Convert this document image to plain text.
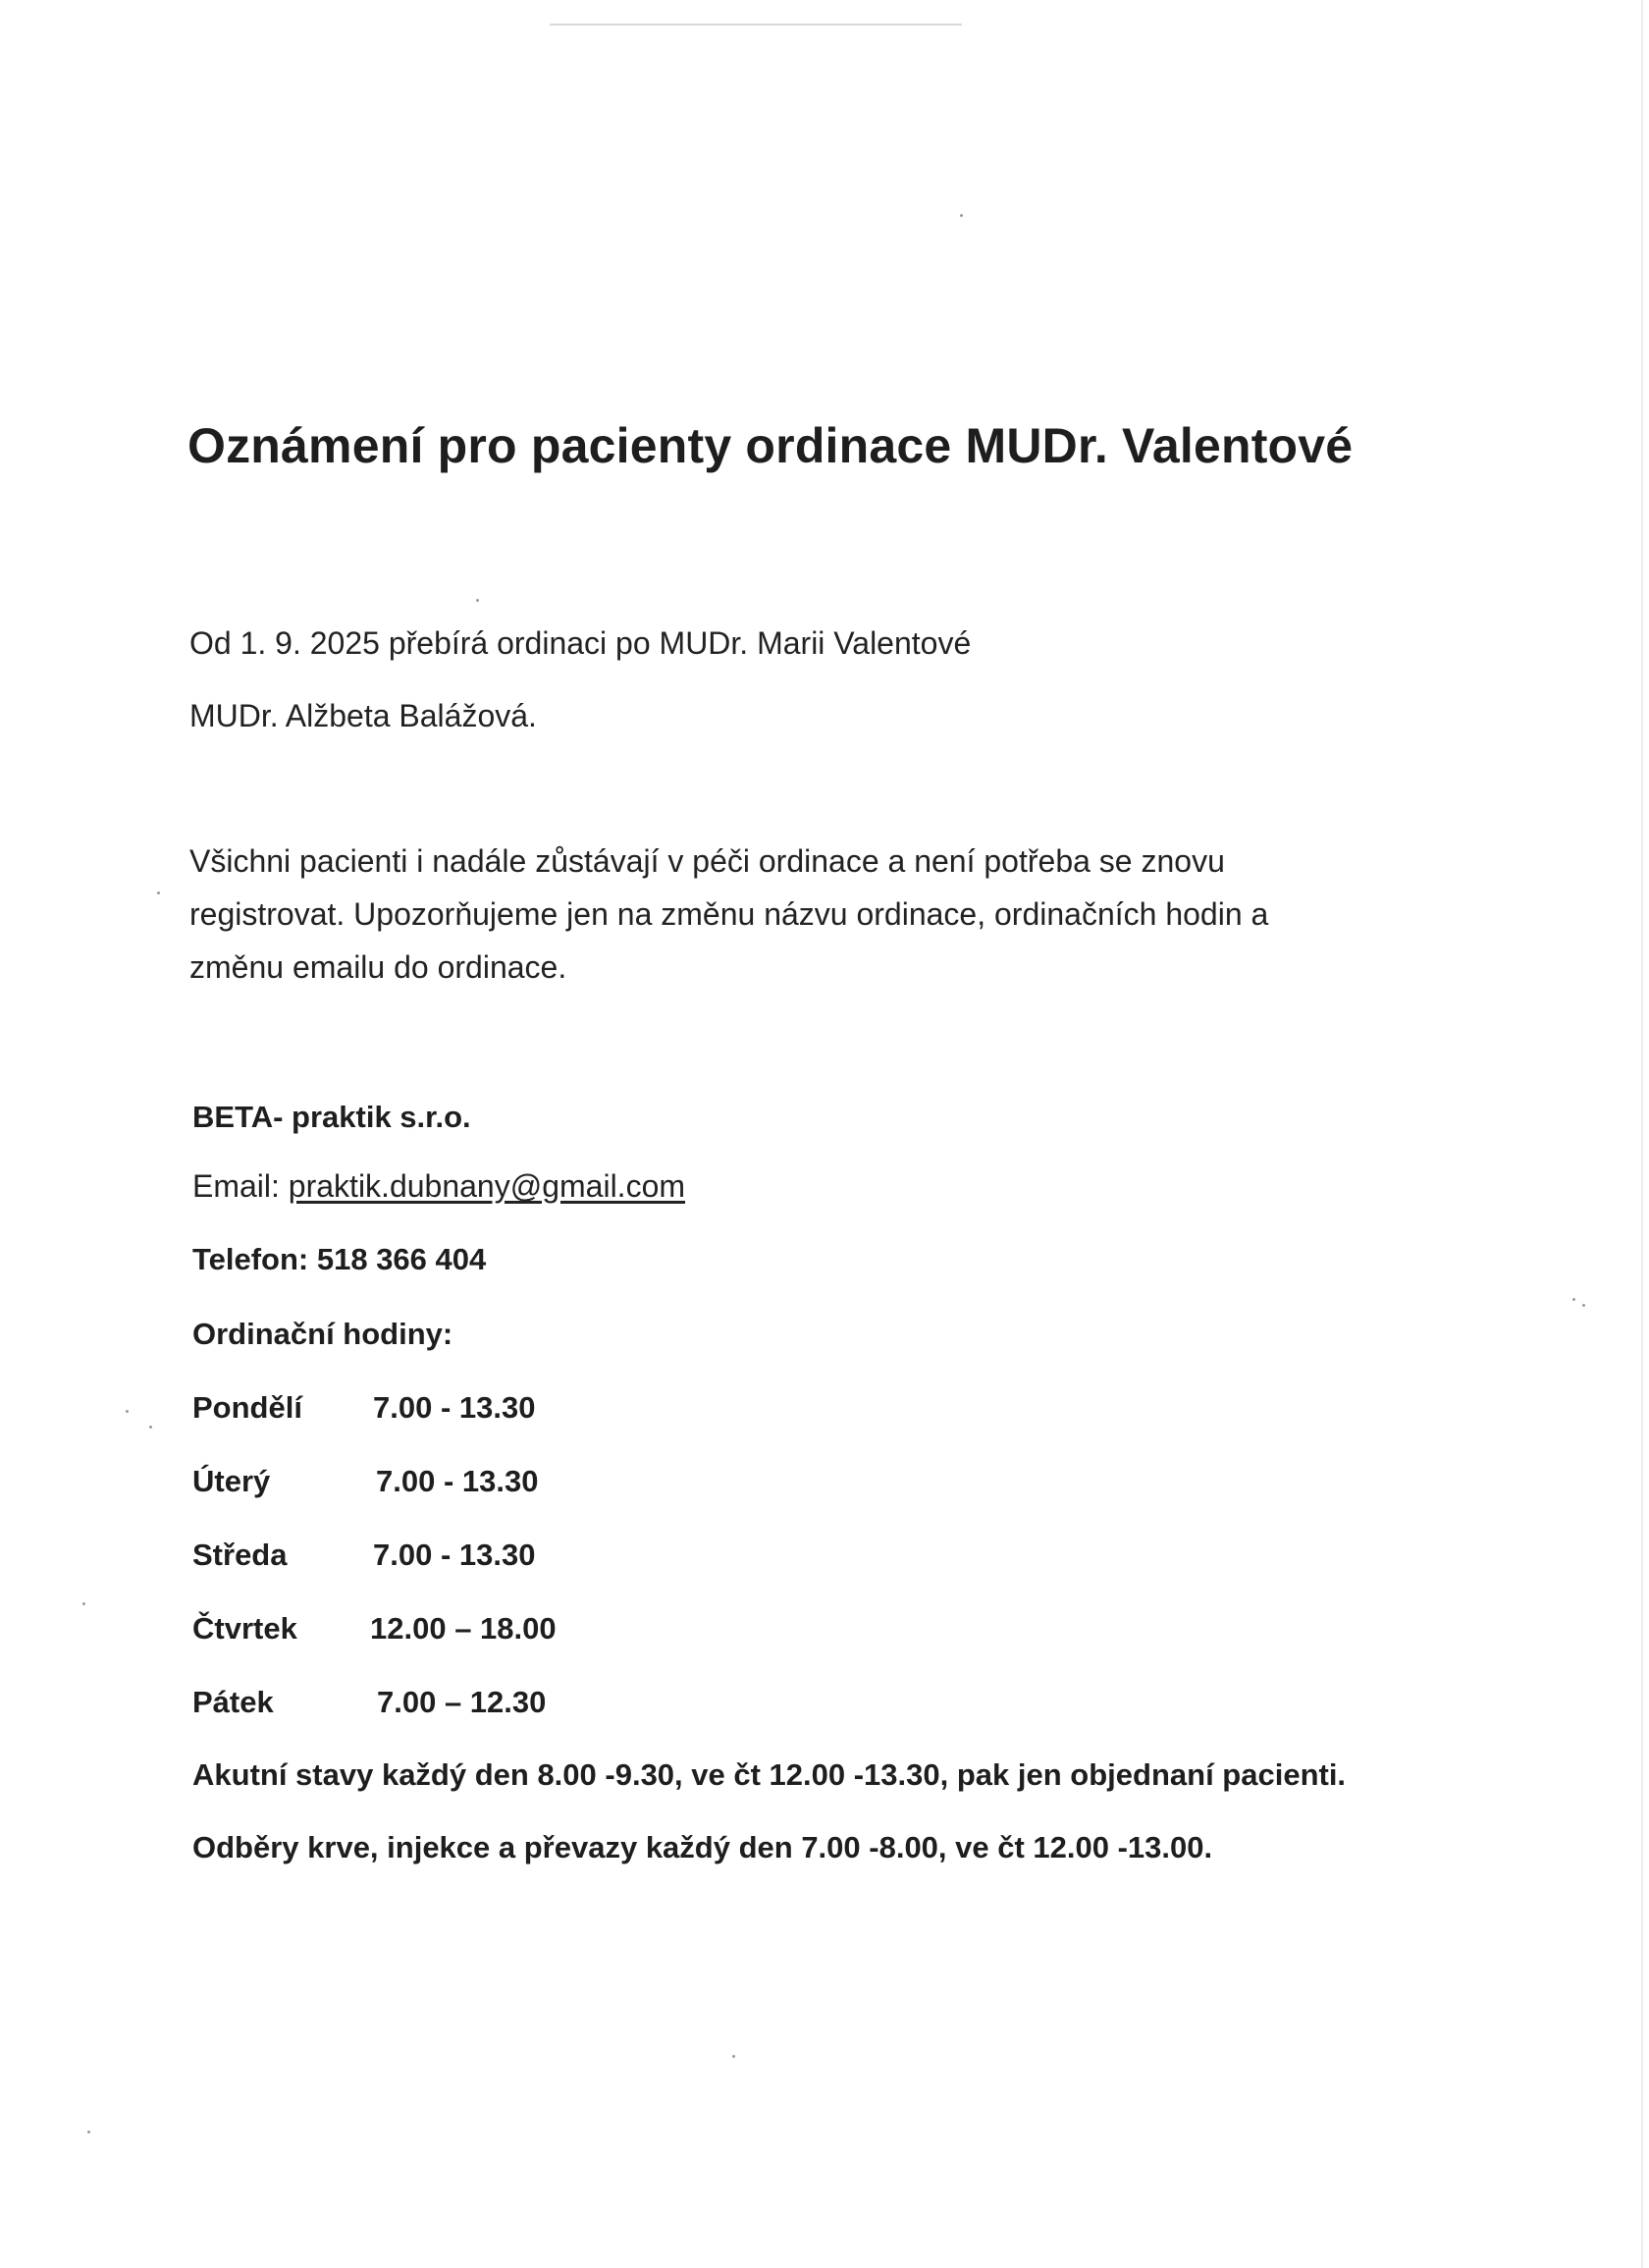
Oznámení pro pacienty ordinace MUDr. Valentové
Od 1. 9. 2025 přebírá ordinaci po MUDr. Marii Valentové
MUDr. Alžbeta Balážová.
Všichni pacienti i nadále zůstávají v péči ordinace a není potřeba se znovu
registrovat. Upozorňujeme jen na změnu názvu ordinace, ordinačních hodin a
změnu emailu do ordinace.
BETA- praktik s.r.o.
Email: praktik.dubnany@gmail.com
Telefon: 518 366 404
Ordinační hodiny:
Pondělí 7.00 - 13.30
Úterý	7.00 - 13.30
Středa	7.00 - 13.30
Čtvrtek 12.00 – 18.00
Pátek	7.00 – 12.30
Akutní stavy každý den 8.00 -9.30, ve čt 12.00 -13.30, pak jen objednaní pacienti.
Odběry krve, injekce a převazy každý den 7.00 -8.00, ve čt 12.00 -13.00.
